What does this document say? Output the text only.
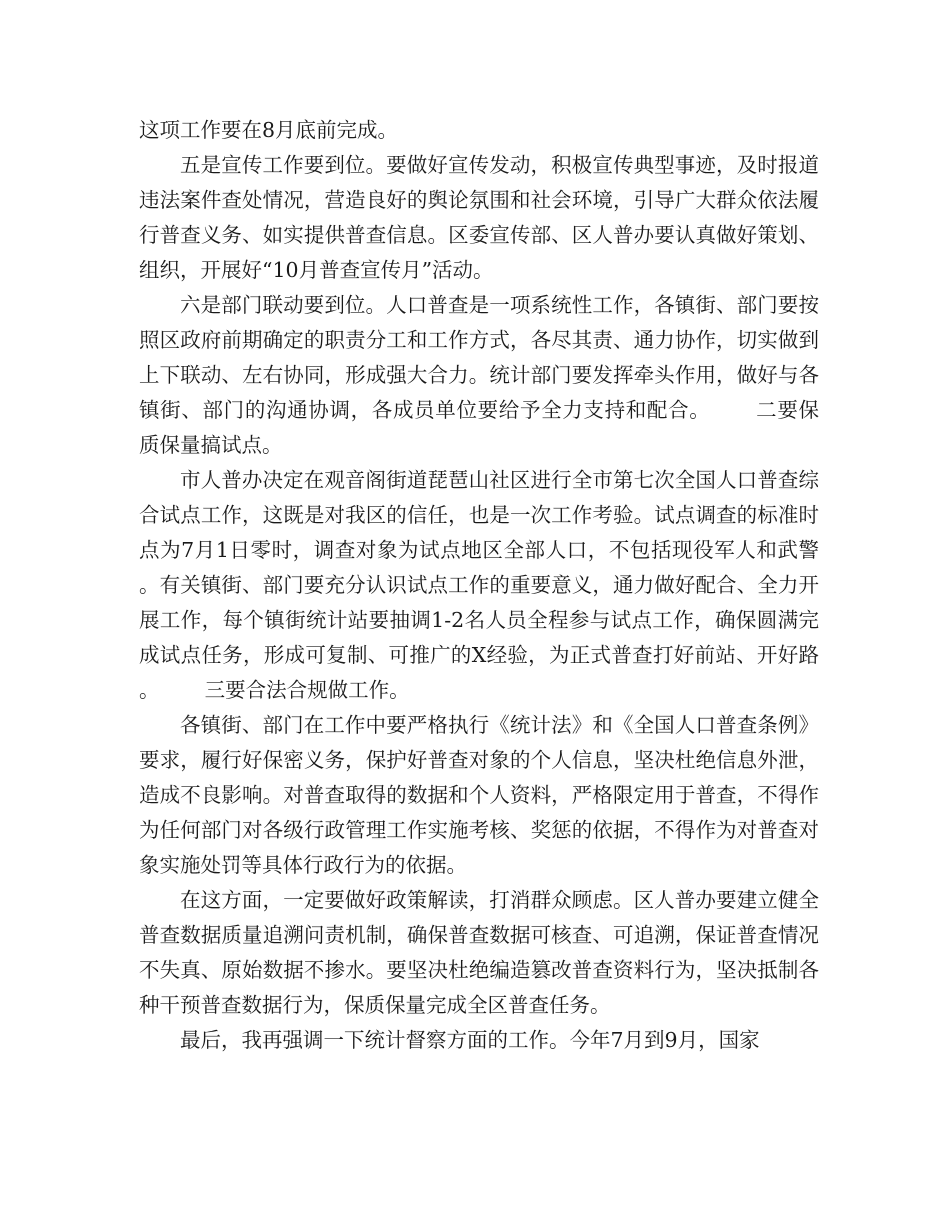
这项工作要在8月底前完成。

五是宣传工作要到位。要做好宣传发动，积极宣传典型事迹，及时报道违法案件查处情况，营造良好的舆论氛围和社会环境，引导广大群众依法履行普查义务、如实提供普查信息。区委宣传部、区人普办要认真做好策划、组织，开展好“10月普查宣传月”活动。

六是部门联动要到位。人口普查是一项系统性工作，各镇街、部门要按照区政府前期确定的职责分工和工作方式，各尽其责、通力协作，切实做到上下联动、左右协同，形成强大合力。统计部门要发挥牵头作用，做好与各镇街、部门的沟通协调，各成员单位要给予全力支持和配合。 二要保质保量搞试点。

市人普办决定在观音阁街道琵琶山社区进行全市第七次全国人口普查综合试点工作，这既是对我区的信任，也是一次工作考验。试点调查的标准时点为7月1日零时，调查对象为试点地区全部人口，不包括现役军人和武警。有关镇街、部门要充分认识试点工作的重要意义，通力做好配合、全力开展工作，每个镇街统计站要抽调1-2名人员全程参与试点工作，确保圆满完成试点任务，形成可复制、可推广的X经验，为正式普查打好前站、开好路。 三要合法合规做工作。

各镇街、部门在工作中要严格执行《统计法》和《全国人口普查条例》要求，履行好保密义务，保护好普查对象的个人信息，坚决杜绝信息外泄，造成不良影响。对普查取得的数据和个人资料，严格限定用于普查，不得作为任何部门对各级行政管理工作实施考核、奖惩的依据，不得作为对普查对象实施处罚等具体行政行为的依据。

在这方面，一定要做好政策解读，打消群众顾虑。区人普办要建立健全普查数据质量追溯问责机制，确保普查数据可核查、可追溯，保证普查情况不失真、原始数据不掺水。要坚决杜绝编造篡改普查资料行为，坚决抵制各种干预普查数据行为，保质保量完成全区普查任务。

最后，我再强调一下统计督察方面的工作。今年7月到9月，国家
